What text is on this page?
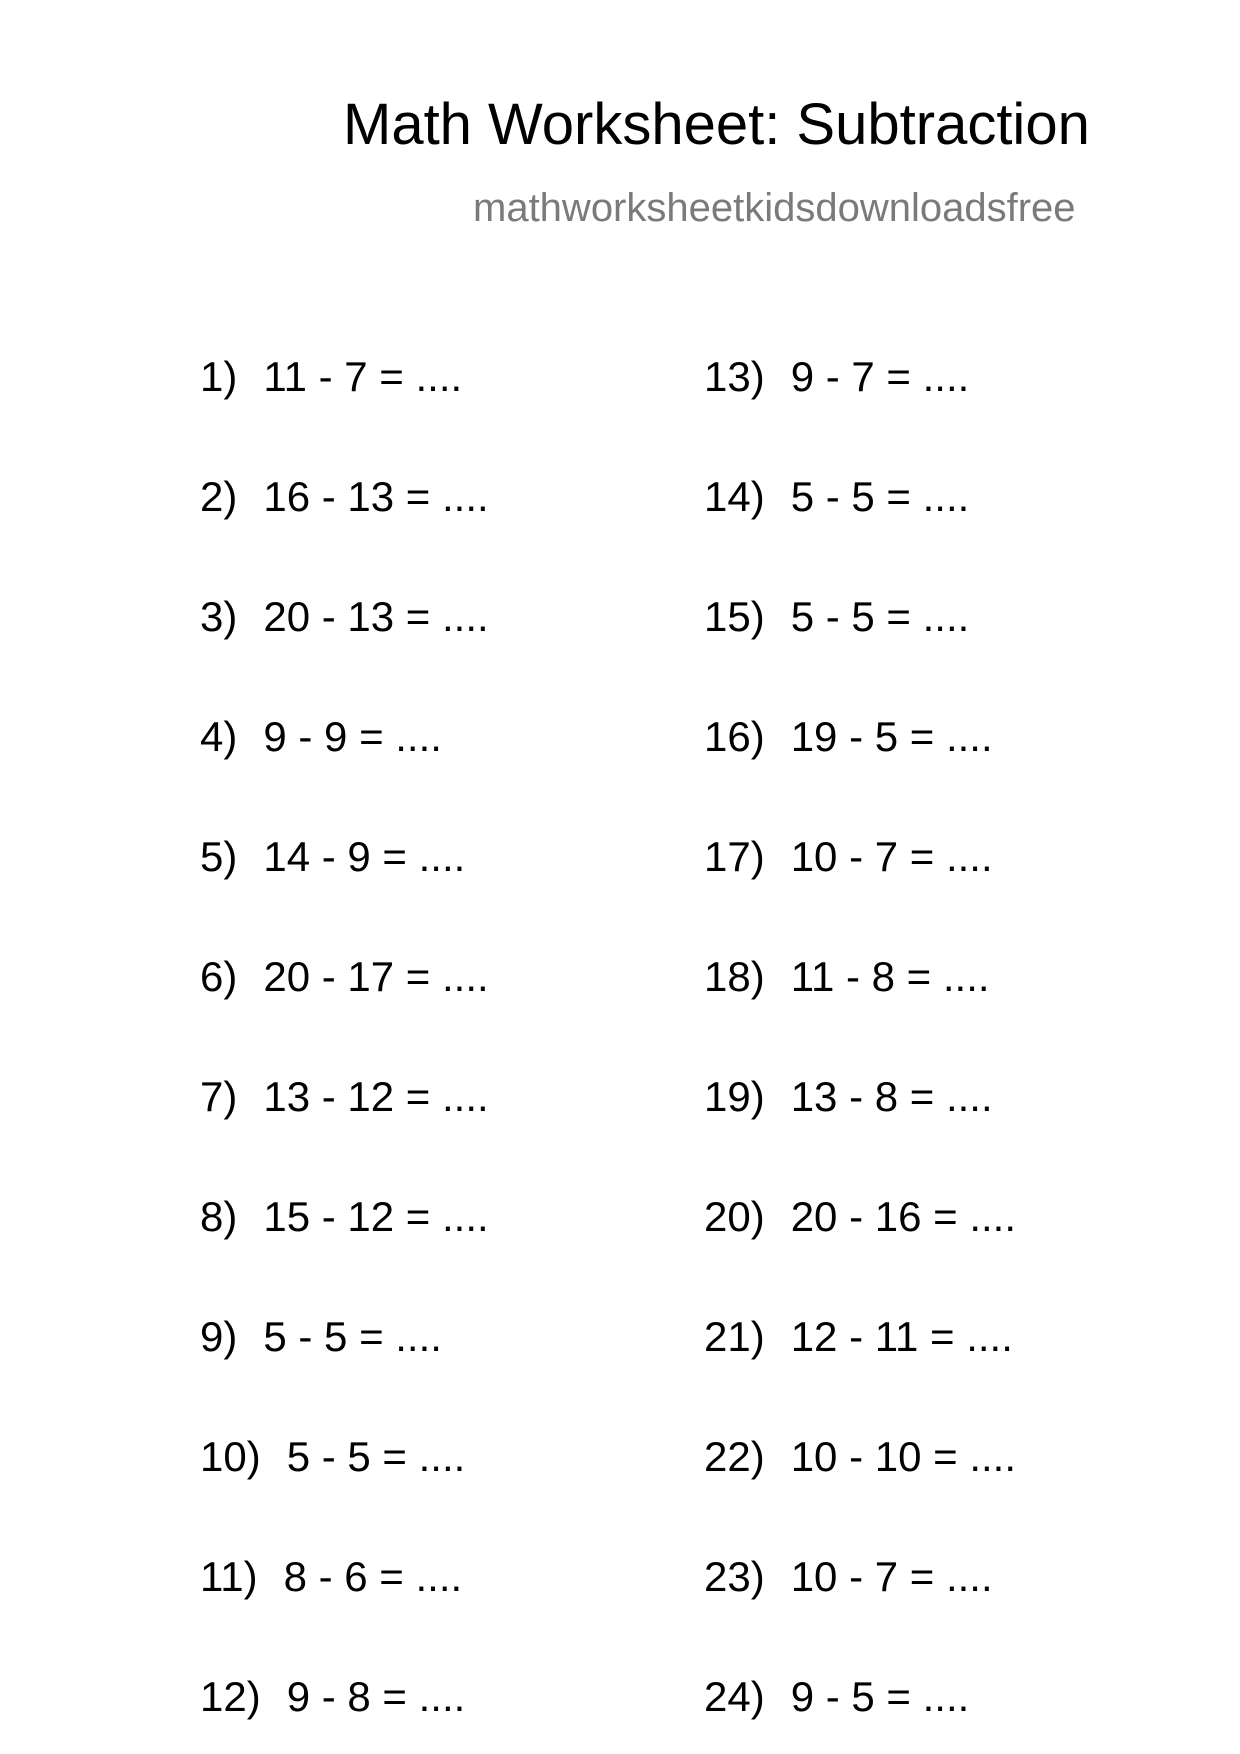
Math Worksheet: Subtraction
mathworksheetkidsdownloadsfree
1) 11 - 7 = ....
2) 16 - 13 = ....
3) 20 - 13 = ....
4) 9 - 9 = ....
5) 14 - 9 = ....
6) 20 - 17 = ....
7) 13 - 12 = ....
8) 15 - 12 = ....
9) 5 - 5 = ....
10) 5 - 5 = ....
11) 8 - 6 = ....
12) 9 - 8 = ....
13) 9 - 7 = ....
14) 5 - 5 = ....
15) 5 - 5 = ....
16) 19 - 5 = ....
17) 10 - 7 = ....
18) 11 - 8 = ....
19) 13 - 8 = ....
20) 20 - 16 = ....
21) 12 - 11 = ....
22) 10 - 10 = ....
23) 10 - 7 = ....
24) 9 - 5 = ....
